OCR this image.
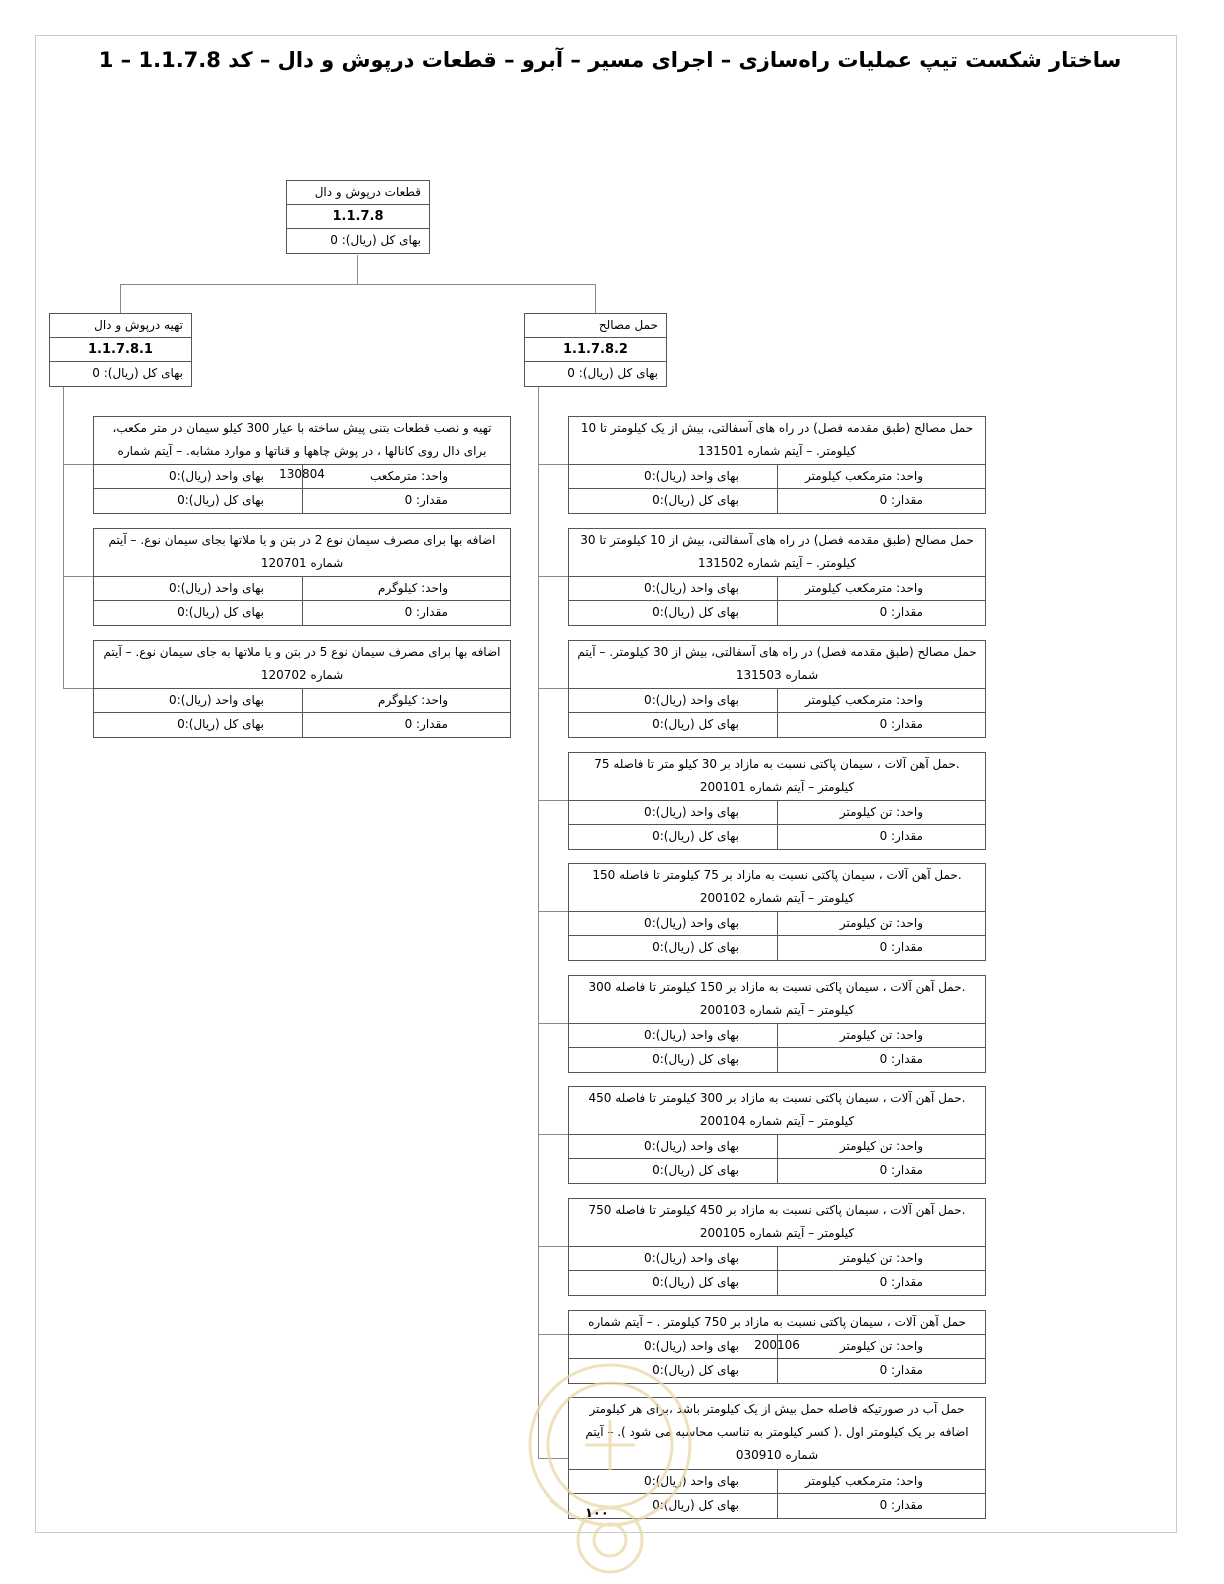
ساختار شکست تیپ عملیات راه‌سازی – اجرای مسیر – آبرو – قطعات درپوش و دال – کد 1.1.7.8 – 1
قطعات درپوش و دال
1.1.7.8
بهای کل (ریال): 0
تهیه درپوش و دال
1.1.7.8.1
بهای کل (ریال): 0
حمل مصالح
1.1.7.8.2
بهای کل (ریال): 0
تهیه و نصب قطعات بتنی پیش ساخته با عیار 300 کیلو سیمان در متر مکعب، برای دال روی کانالها ، در پوش چاهها و قناتها و موارد مشابه. – آیتم شماره 130804	واحد: مترمکعب
بهای واحد (ریال):0
مقدار: 0
بهای کل (ریال):0
اضافه بها برای مصرف سیمان نوع 2 در بتن و یا ملاتها بجای سیمان نوع. – آیتم شماره 120701
واحد: کیلوگرم
بهای واحد (ریال):0
مقدار: 0
بهای کل (ریال):0
اضافه بها برای مصرف سیمان نوع 5 در بتن و یا ملاتها به جای سیمان نوع. – آیتم شماره 120702
واحد: کیلوگرم
بهای واحد (ریال):0
مقدار: 0
بهای کل (ریال):0
حمل مصالح (طبق مقدمه فصل) در راه های آسفالتی، بیش از یک کیلومتر تا 10 کیلومتر. – آیتم شماره 131501
واحد: مترمکعب کیلومتر
بهای واحد (ریال):0
مقدار: 0
بهای کل (ریال):0
حمل مصالح (طبق مقدمه فصل) در راه های آسفالتی، بیش از 10 کیلومتر تا 30 کیلومتر. – آیتم شماره 131502
واحد: مترمکعب کیلومتر
بهای واحد (ریال):0
مقدار: 0
بهای کل (ریال):0
حمل مصالح (طبق مقدمه فصل) در راه های آسفالتی، بیش از 30 کیلومتر. – آیتم شماره 131503
واحد: مترمکعب کیلومتر
بهای واحد (ریال):0
مقدار: 0
بهای کل (ریال):0
.حمل آهن آلات ، سیمان پاکتی نسبت به مازاد بر 30 کیلو متر تا فاصله 75 کیلومتر – آیتم شماره 200101
واحد: تن کیلومتر
بهای واحد (ریال):0
مقدار: 0
بهای کل (ریال):0
.حمل آهن آلات ، سیمان پاکتی نسبت به مازاد بر 75 کیلومتر تا فاصله 150 کیلومتر – آیتم شماره 200102
واحد: تن کیلومتر
بهای واحد (ریال):0
مقدار: 0
بهای کل (ریال):0
.حمل آهن آلات ، سیمان پاکتی نسبت به مازاد بر 150 کیلومتر تا فاصله 300 کیلومتر – آیتم شماره 200103
واحد: تن کیلومتر
بهای واحد (ریال):0
مقدار: 0
بهای کل (ریال):0
.حمل آهن آلات ، سیمان پاکتی نسبت به مازاد بر 300 کیلومتر تا فاصله 450 کیلومتر – آیتم شماره 200104
واحد: تن کیلومتر
بهای واحد (ریال):0
مقدار: 0
بهای کل (ریال):0
.حمل آهن آلات ، سیمان پاکتی نسبت به مازاد بر 450 کیلومتر تا فاصله 750 کیلومتر – آیتم شماره 200105
واحد: تن کیلومتر
بهای واحد (ریال):0
مقدار: 0
بهای کل (ریال):0
حمل آهن آلات ، سیمان پاکتی نسبت به مازاد بر 750 کیلومتر . – آیتم شماره 200106	واحد: تن کیلومتر
بهای واحد (ریال):0
مقدار: 0
بهای کل (ریال):0
حمل آب در صورتیکه فاصله حمل بیش از یک کیلومتر باشد ،برای هر کیلومتر اضافه بر یک کیلومتر اول .( کسر کیلومتر به تناسب محاسبه می شود ). – آیتم شماره 030910
واحد: مترمکعب کیلومتر
بهای واحد (ریال):0
مقدار: 0
بهای کل (ریال):0
۱۰۰
